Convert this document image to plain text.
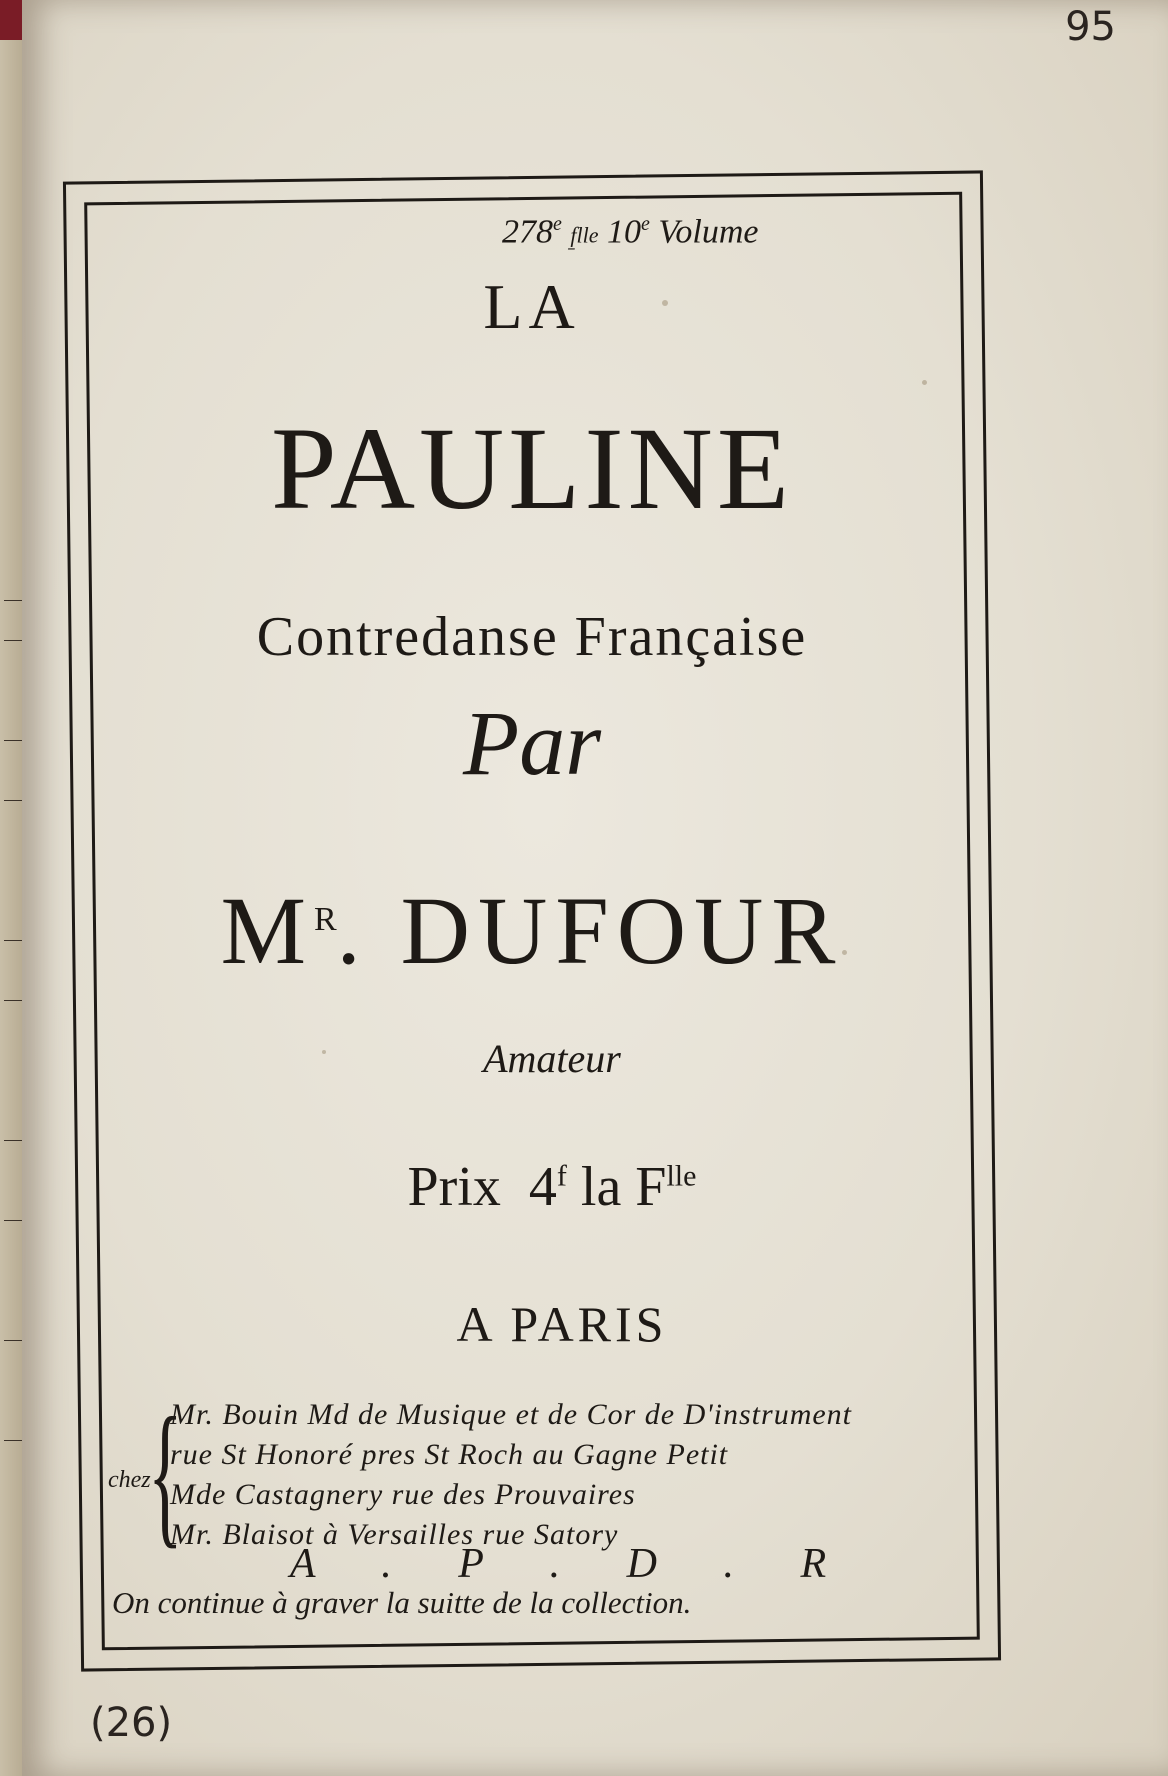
95
278e f̱lle 10e Volume
LA
PAULINE
Contredanse Française
Par
$M^R$. DUFOUR
Amateur
Prix 4$^f$ la $F^{lle}$
A PARIS
chez
{
Mr. Bouin Md de Musique et de Cor de D'instrument
rue St Honoré pres St Roch au Gagne Petit
Mde Castagnery rue des Prouvaires
Mr. Blaisot à Versailles rue Satory
A . P . D . R
On continue à graver la suitte de la collection.
(26)
